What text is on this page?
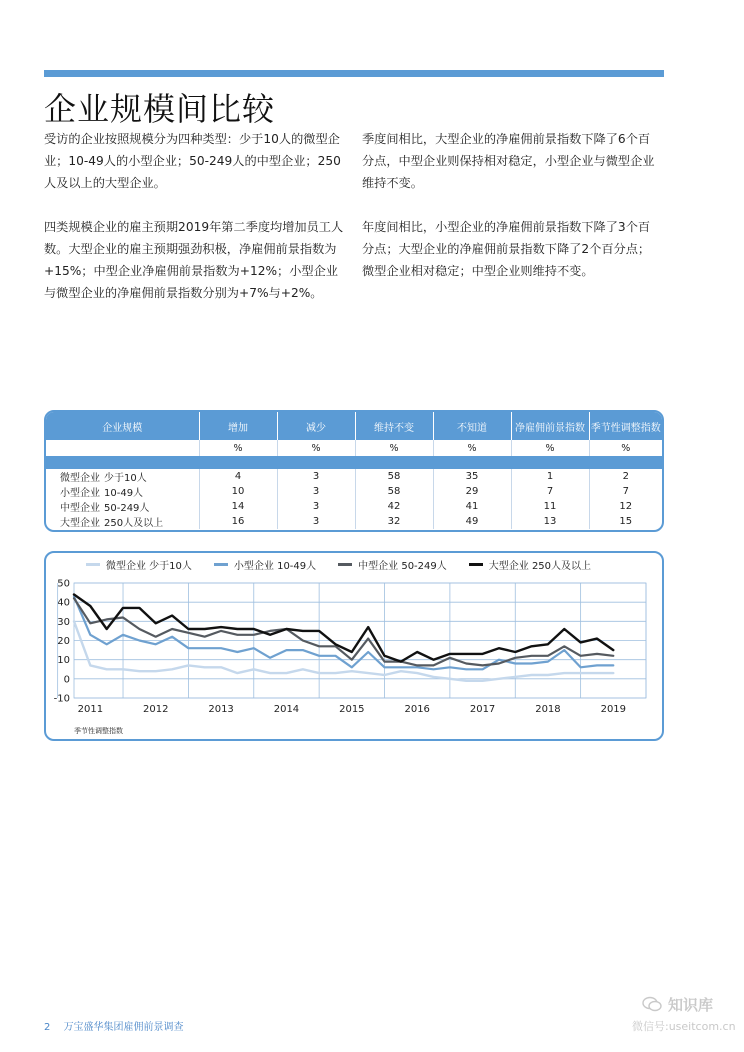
企业规模间比较

受访的企业按照规模分为四种类型：少于10人的微型企业；10-49人的小型企业；50-249人的中型企业；250人及以上的大型企业。

四类规模企业的雇主预期2019年第二季度均增加员工人数。大型企业的雇主预期强劲积极，净雇佣前景指数为+15%；中型企业净雇佣前景指数为+12%；小型企业与微型企业的净雇佣前景指数分别为+7%与+2%。

季度间相比，大型企业的净雇佣前景指数下降了6个百分点，中型企业则保持相对稳定，小型企业与微型企业维持不变。

年度间相比，小型企业的净雇佣前景指数下降了3个百分点；大型企业的净雇佣前景指数下降了2个百分点；微型企业相对稳定；中型企业则维持不变。

企业规模	增加	减少	维持不变	不知道	净雇佣前景指数	季节性调整指数
	%	%	%	%	%	%

微型企业 少于10人	4	3	58	35	1	2
小型企业 10-49人	10	3	58	29	7	7
中型企业 50-249人	14	3	42	41	11	12
大型企业 250人及以上	16	3	32	49	13	15
微型企业 少于10人	小型企业 10-49人	中型企业 50-249人	大型企业 250人及以上
-10
0
10
20
30
40
50
2011	2012	2013	2014	2015	2016	2017	2018	2019
季节性调整指数
2 万宝盛华集团雇佣前景调查
知识库
微信号:useitcom.cn
